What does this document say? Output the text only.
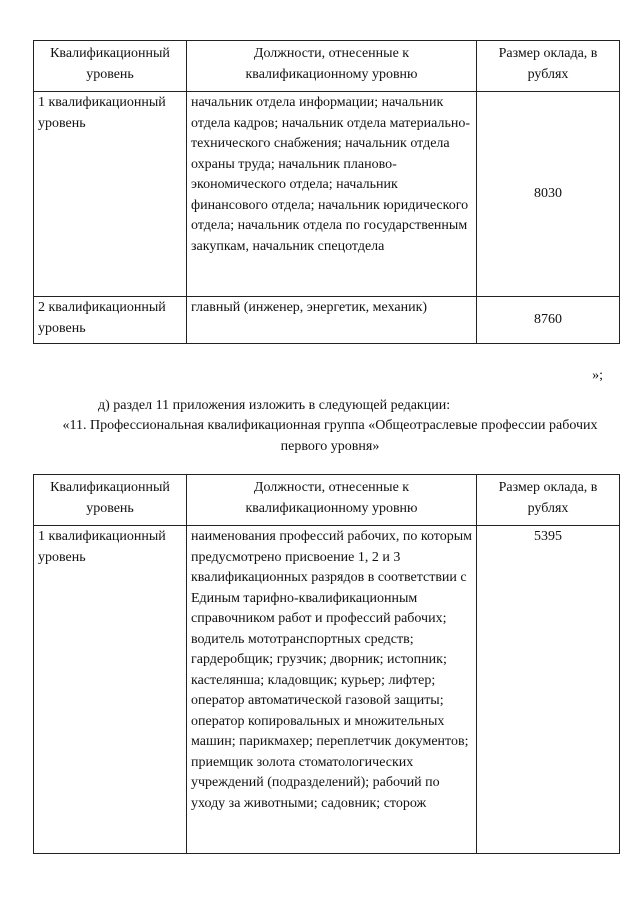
Квалификационный уровень	Должности, отнесенные к квалификационному уровню	Размер оклада, в рублях
1 квалификационный уровень	начальник отдела информации; начальник отдела кадров; начальник отдела материально-технического снабжения; начальник отдела охраны труда; начальник планово-экономического отдела; начальник финансового отдела; начальник юридического отдела; начальник отдела по государственным закупкам, начальник спецотдела	8030
2 квалификационный уровень	главный (инженер, энергетик, механик)	8760
»;
д) раздел 11 приложения изложить в следующей редакции:
«11. Профессиональная квалификационная группа «Общеотраслевые профессии рабочих первого уровня»
Квалификационный уровень	Должности, отнесенные к квалификационному уровню	Размер оклада, в рублях
1 квалификационный уровень	наименования профессий рабочих, по которым предусмотрено присвоение 1, 2 и 3 квалификационных разрядов в соответствии с Единым тарифно-квалификационным справочником работ и профессий рабочих; водитель мототранспортных средств; гардеробщик; грузчик; дворник; истопник; кастелянша; кладовщик; курьер; лифтер; оператор автоматической газовой защиты; оператор копировальных и множительных машин; парикмахер; переплетчик документов; приемщик золота стоматологических учреждений (подразделений); рабочий по уходу за животными; садовник; сторож	5395
